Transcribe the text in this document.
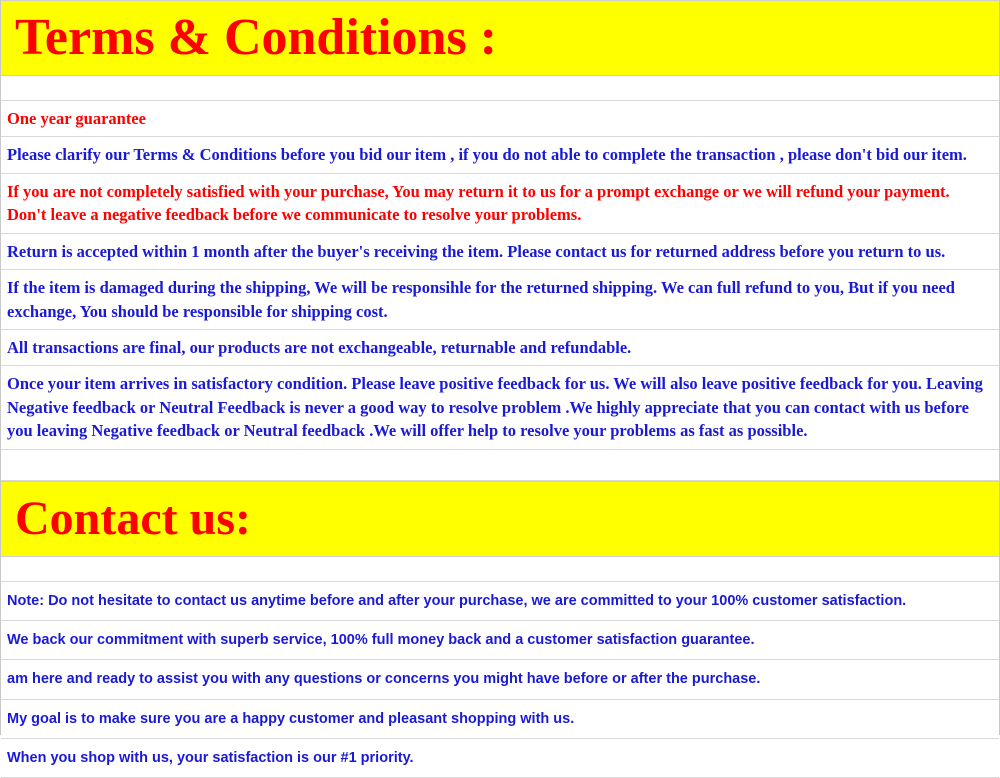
Terms & Conditions :

One year guarantee

Please clarify our Terms & Conditions before you bid our item , if you do not able to complete the transaction , please don't bid our item.

If you are not completely satisfied with your purchase, You may return it to us for a prompt exchange or we will refund your payment. Don't leave a negative feedback before we communicate to resolve your problems.

Return is accepted within 1 month after the buyer's receiving the item. Please contact us for returned address before you return to us.

If the item is damaged during the shipping, We will be responsihle for the returned shipping. We can full refund to you, But if you need exchange, You should be responsible for shipping cost.

All transactions are final, our products are not exchangeable, returnable and refundable.

Once your item arrives in satisfactory condition. Please leave positive feedback for us. We will also leave positive feedback for you. Leaving Negative feedback or Neutral Feedback is never a good way to resolve problem .We highly appreciate that you can contact with us before you leaving Negative feedback or Neutral feedback .We will offer help to resolve your problems as fast as possible.

Contact us:

Note: Do not hesitate to contact us anytime before and after your purchase, we are committed to your 100% customer satisfaction.

We back our commitment with superb service, 100% full money back and a customer satisfaction guarantee.

am here and ready to assist you with any questions or concerns you might have before or after the purchase.

My goal is to make sure you are a happy customer and pleasant shopping with us.

When you shop with us, your satisfaction is our #1 priority.
